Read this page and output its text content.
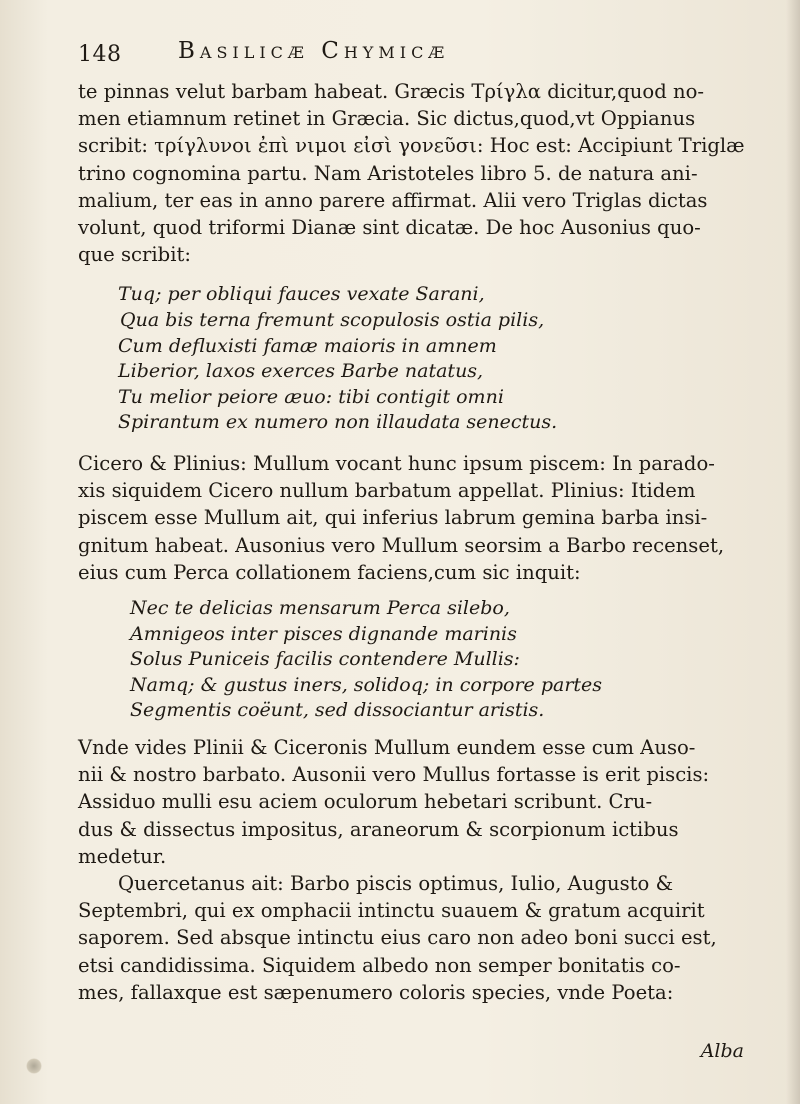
148 Basilicæ Chymicæ

te pinnas velut barbam habeat. Græcis Τρίγλα dicitur,quod no-
men etiamnum retinet in Græcia. Sic dictus,quod,vt Oppianus
scribit: τρίγλυνοι ἐπὶ νιμοι εἰσὶ γονεῦσι: Hoc est: Accipiunt Triglæ
trino cognomina partu. Nam Aristoteles libro 5. de natura ani-
malium, ter eas in anno parere affirmat. Alii vero Triglas dictas
volunt, quod triformi Dianæ sint dicatæ. De hoc Ausonius quo-
que scribit:

Tuq; per obliqui fauces vexate Sarani,
Qua bis terna fremunt scopulosis ostia pilis,
Cum defluxisti famæ maioris in amnem
Liberior, laxos exerces Barbe natatus,
Tu melior peiore æuo: tibi contigit omni
Spirantum ex numero non illaudata senectus.

Cicero & Plinius: Mullum vocant hunc ipsum piscem: In parado-
xis siquidem Cicero nullum barbatum appellat. Plinius: Itidem
piscem esse Mullum ait, qui inferius labrum gemina barba insi-
gnitum habeat. Ausonius vero Mullum seorsim a Barbo recenset,
eius cum Perca collationem faciens,cum sic inquit:

Nec te delicias mensarum Perca silebo,
Amnigeos inter pisces dignande marinis
Solus Puniceis facilis contendere Mullis:
Namq; & gustus iners, solidoq; in corpore partes
Segmentis coëunt, sed dissociantur aristis.

Vnde vides Plinii & Ciceronis Mullum eundem esse cum Auso-
nii & nostro barbato. Ausonii vero Mullus fortasse is erit piscis:
Assiduo mulli esu aciem oculorum hebetari scribunt. Cru-
dus & dissectus impositus, araneorum & scorpionum ictibus
medetur.

Quercetanus ait: Barbo piscis optimus, Iulio, Augusto &
Septembri, qui ex omphacii intinctu suauem & gratum acquirit
saporem. Sed absque intinctu eius caro non adeo boni succi est,
etsi candidissima. Siquidem albedo non semper bonitatis co-
mes, fallaxque est sæpenumero coloris species, vnde Poeta:

Alba
